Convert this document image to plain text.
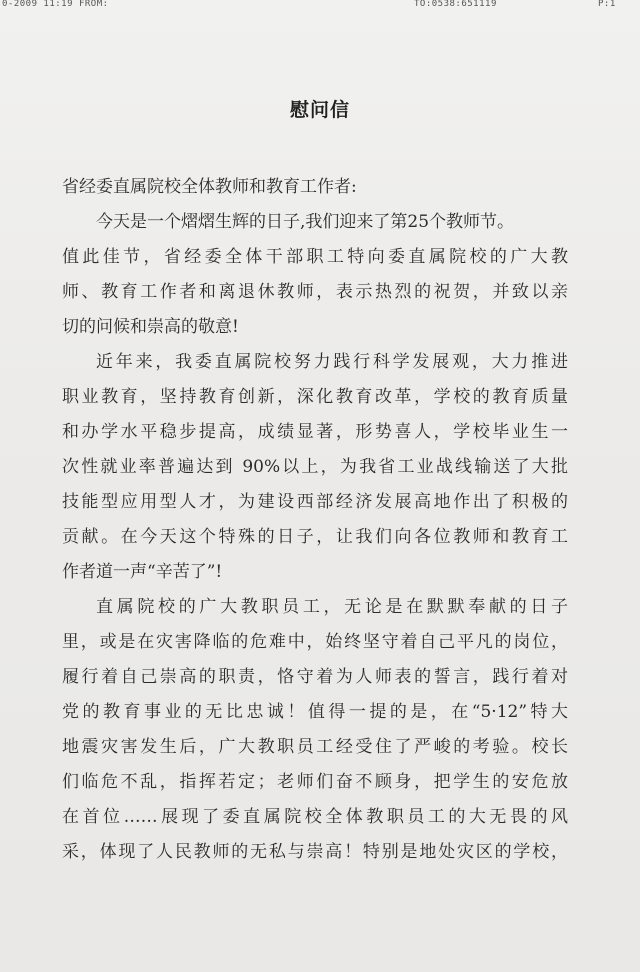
0-2009 11:19 FROM:	TO:0538:651119	P:1
慰问信
省经委直属院校全体教师和教育工作者:
今天是一个熠熠生辉的日子,我们迎来了第25个教师节。
值此佳节，省经委全体干部职工特向委直属院校的广大教
师、教育工作者和离退休教师，表示热烈的祝贺，并致以亲
切的问候和崇高的敬意!
近年来，我委直属院校努力践行科学发展观，大力推进
职业教育，坚持教育创新，深化教育改革，学校的教育质量
和办学水平稳步提高，成绩显著，形势喜人，学校毕业生一
次性就业率普遍达到 90%以上，为我省工业战线输送了大批
技能型应用型人才，为建设西部经济发展高地作出了积极的
贡献。在今天这个特殊的日子，让我们向各位教师和教育工
作者道一声“辛苦了”!
直属院校的广大教职员工，无论是在默默奉献的日子
里，或是在灾害降临的危难中，始终坚守着自己平凡的岗位，
履行着自己崇高的职责，恪守着为人师表的誓言，践行着对
党的教育事业的无比忠诚！值得一提的是，在“5·12”特大
地震灾害发生后，广大教职员工经受住了严峻的考验。校长
们临危不乱，指挥若定；老师们奋不顾身，把学生的安危放
在首位……展现了委直属院校全体教职员工的大无畏的风
采，体现了人民教师的无私与崇高！特别是地处灾区的学校，
